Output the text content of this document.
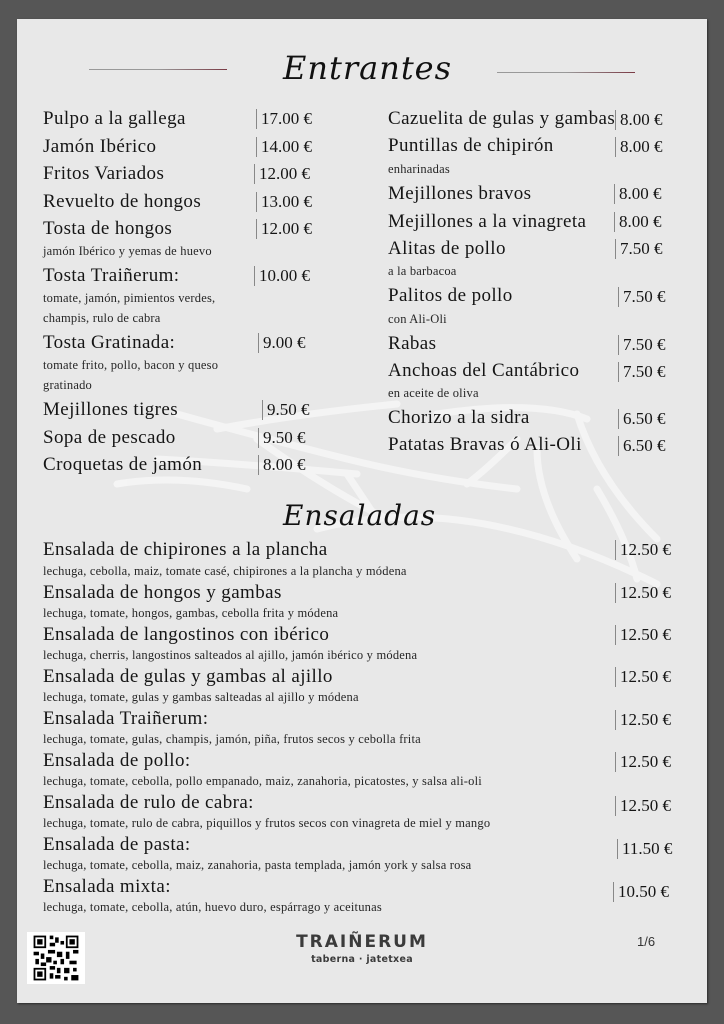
Entrantes
Pulpo a la gallega	17.00 €
Jamón Ibérico	14.00 €
Fritos Variados	12.00 €
Revuelto de hongos	13.00 €
Tosta de hongos	12.00 €
jamón Ibérico y yemas de huevo
Tosta Traiñerum:	10.00 €
tomate, jamón, pimientos verdes,
champis, rulo de cabra
Tosta Gratinada:	9.00 €
tomate frito, pollo, bacon y queso
gratinado
Mejillones tigres	9.50 €
Sopa de pescado	9.50 €
Croquetas de jamón	8.00 €
Cazuelita de gulas y gambas 8.00 €
Puntillas de chipirón	8.00 €
enharinadas
Mejillones bravos	8.00 €
Mejillones a la vinagreta 8.00 €
Alitas de pollo	7.50 €
a la barbacoa
Palitos de pollo	7.50 €
con Ali-Oli
Rabas	7.50 €
Anchoas del Cantábrico	7.50 €
en aceite de oliva
Chorizo a la sidra	6.50 €
Patatas Bravas ó Ali-Oli 6.50 €
Ensaladas
Ensalada de chipirones a la plancha	12.50 €
lechuga, cebolla, maiz, tomate casé, chipirones a la plancha y módena
Ensalada de hongos y gambas	12.50 €
lechuga, tomate, hongos, gambas, cebolla frita y módena
Ensalada de langostinos con ibérico	12.50 €
lechuga, cherris, langostinos salteados al ajillo, jamón ibérico y módena
Ensalada de gulas y gambas al ajillo	12.50 €
lechuga, tomate, gulas y gambas salteadas al ajillo y módena
Ensalada Traiñerum:	12.50 €
lechuga, tomate, gulas, champis, jamón, piña, frutos secos y cebolla frita
Ensalada de pollo:	12.50 €
lechuga, tomate, cebolla, pollo empanado, maiz, zanahoria, picatostes, y salsa ali-oli
Ensalada de rulo de cabra:	12.50 €
lechuga, tomate, rulo de cabra, piquillos y frutos secos con vinagreta de miel y mango
Ensalada de pasta:	11.50 €
lechuga, tomate, cebolla, maiz, zanahoria, pasta templada, jamón york y salsa rosa
Ensalada mixta:	10.50 €
lechuga, tomate, cebolla, atún, huevo duro, espárrago y aceitunas
TRAIÑERUM
taberna · jatetxea
1/6
